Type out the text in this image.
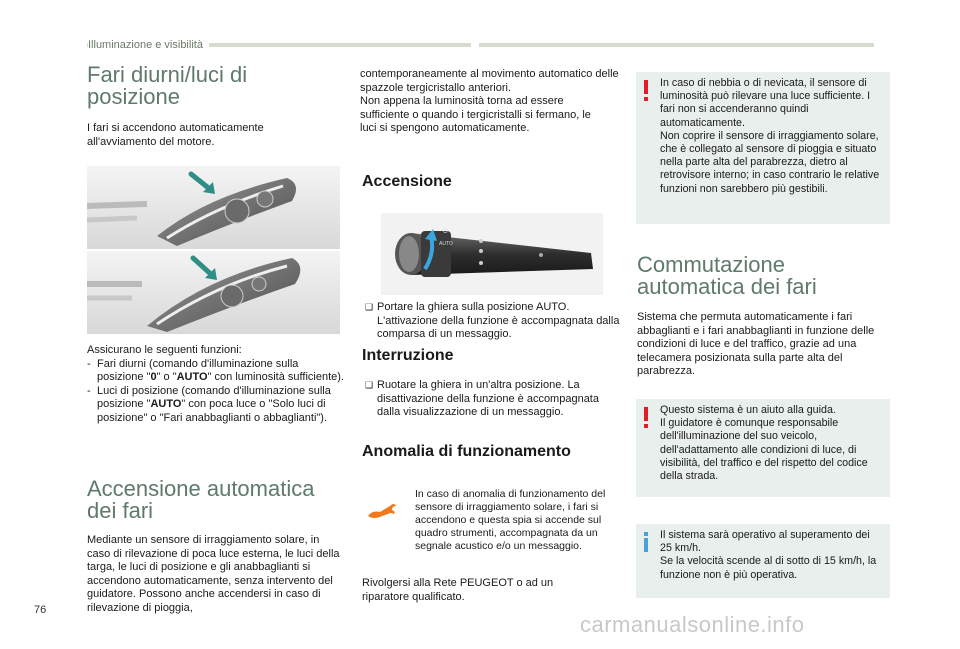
Illuminazione e visibilità
Fari diurni/luci di
posizione

I fari si accendono automaticamente all'avviamento del motore.

Assicurano le seguenti funzioni:

- Fari diurni (comando d'illuminazione sulla posizione "0" o "AUTO" con luminosità sufficiente).
- Luci di posizione (comando d'illuminazione sulla posizione "AUTO" con poca luce o "Solo luci di posizione" o "Fari anabbaglianti o abbaglianti").
Accensione automatica
dei fari

Mediante un sensore di irraggiamento solare, in caso di rilevazione di poca luce esterna, le luci della targa, le luci di posizione e gli anabbaglianti si accendono automaticamente, senza intervento del guidatore. Possono anche accendersi in caso di rilevazione di pioggia,

contemporaneamente al movimento automatico delle spazzole tergicristallo anteriori.

Non appena la luminosità torna ad essere sufficiente o quando i tergicristalli si fermano, le luci si spengono automaticamente.

Accensione
O
AUTO
❑ Portare la ghiera sulla posizione AUTO. L'attivazione della funzione è accompagnata dalla comparsa di un messaggio.
Interruzione
❑ Ruotare la ghiera in un'altra posizione. La disattivazione della funzione è accompagnata dalla visualizzazione di un messaggio.
Anomalia di funzionamento

In caso di anomalia di funzionamento del sensore di irraggiamento solare, i fari si accendono e questa spia si accende sul quadro strumenti, accompagnata da un segnale acustico e/o un messaggio.

Rivolgersi alla Rete PEUGEOT o ad un riparatore qualificato.

In caso di nebbia o di nevicata, il sensore di luminosità può rilevare una luce sufficiente. I fari non si accenderanno quindi automaticamente.

Non coprire il sensore di irraggiamento solare, che è collegato al sensore di pioggia e situato nella parte alta del parabrezza, dietro al retrovisore interno; in caso contrario le relative funzioni non sarebbero più gestibili.

Commutazione
automatica dei fari

Sistema che permuta automaticamente i fari abbaglianti e i fari anabbaglianti in funzione delle condizioni di luce e del traffico, grazie ad una telecamera posizionata sulla parte alta del parabrezza.

Questo sistema è un aiuto alla guida.

Il guidatore è comunque responsabile dell'illuminazione del suo veicolo, dell'adattamento alle condizioni di luce, di visibilità, del traffico e del rispetto del codice della strada.

Il sistema sarà operativo al superamento dei 25 km/h.

Se la velocità scende al di sotto di 15 km/h, la funzione non è più operativa.

76
carmanualsonline.info
